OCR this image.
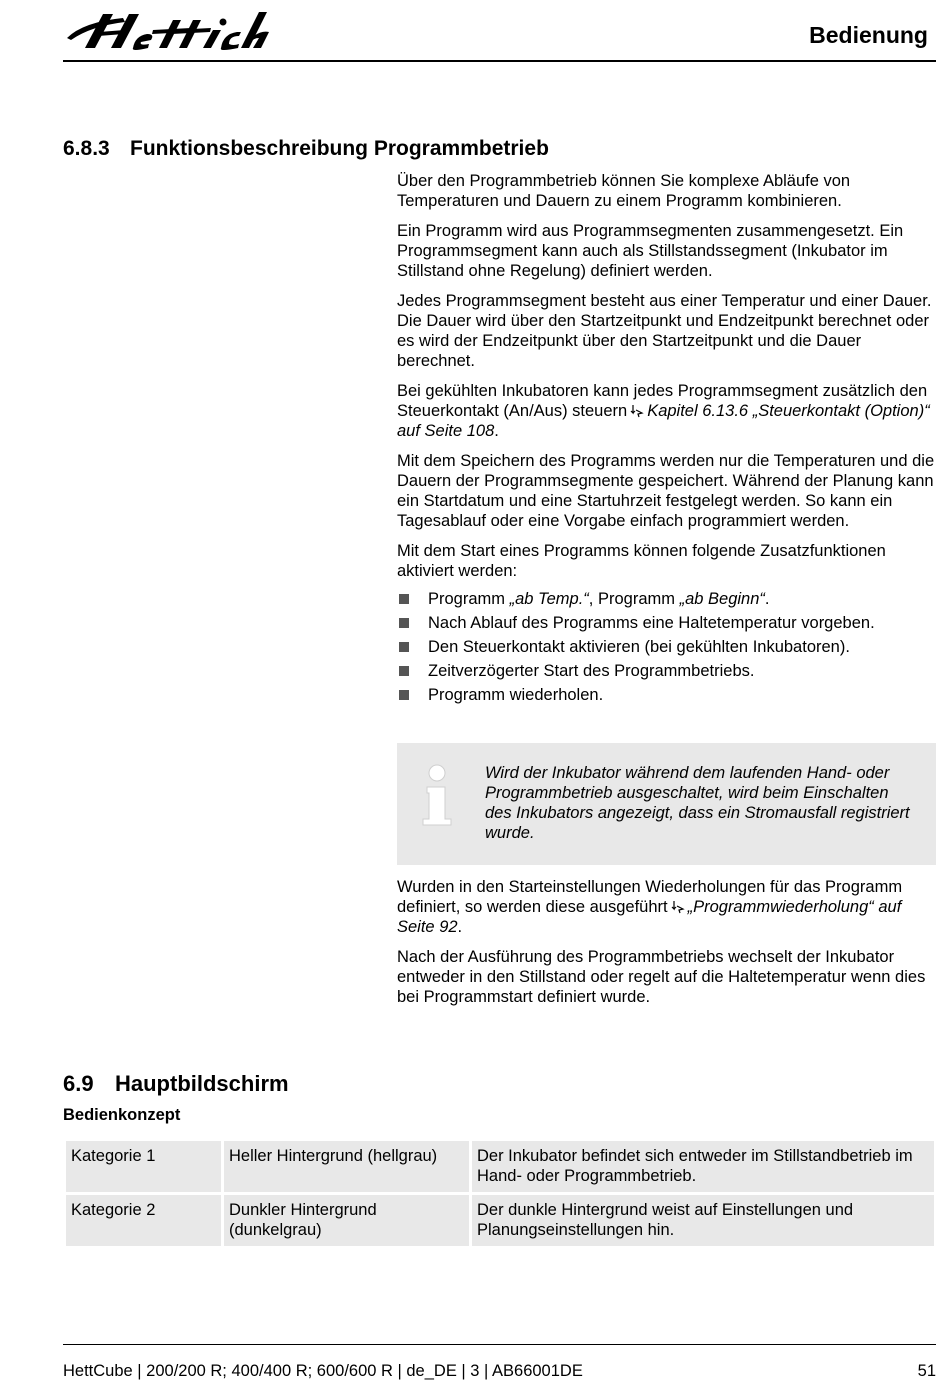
Bedienung
6.8.3 Funktionsbeschreibung Programmbetrieb

Über den Programmbetrieb können Sie komplexe Abläufe von Temperaturen und Dauern zu einem Programm kombinieren.

Ein Programm wird aus Programmsegmenten zusammengesetzt. Ein Programmsegment kann auch als Stillstandssegment (Inkubator im Stillstand ohne Regelung) definiert werden.

Jedes Programmsegment besteht aus einer Temperatur und einer Dauer. Die Dauer wird über den Startzeitpunkt und Endzeitpunkt berechnet oder es wird der Endzeitpunkt über den Startzeitpunkt und die Dauer berechnet.

Bei gekühlten Inkubatoren kann jedes Programmsegment zusätzlich den Steuerkontakt (An/Aus) steuern Kapitel 6.13.6 „Steuerkontakt (Option)“ auf Seite 108.

Mit dem Speichern des Programms werden nur die Temperaturen und die Dauern der Programmsegmente gespeichert. Während der Planung kann ein Startdatum und eine Startuhrzeit festgelegt werden. So kann ein Tagesablauf oder eine Vorgabe einfach programmiert werden.

Mit dem Start eines Programms können folgende Zusatzfunktionen aktiviert werden:

Programm „ab Temp.“, Programm „ab Beginn“.
Nach Ablauf des Programms eine Haltetemperatur vorgeben.
Den Steuerkontakt aktivieren (bei gekühlten Inkubatoren).
Zeitverzögerter Start des Programmbetriebs.
Programm wiederholen.
Wird der Inkubator während dem laufenden Hand- oder Programmbetrieb ausgeschaltet, wird beim Einschalten des Inkubators angezeigt, dass ein Stromausfall registriert wurde.

Wurden in den Starteinstellungen Wiederholungen für das Programm definiert, so werden diese ausgeführt „Programmwiederholung“ auf Seite 92.

Nach der Ausführung des Programmbetriebs wechselt der Inkubator entweder in den Stillstand oder regelt auf die Haltetemperatur wenn dies bei Programmstart definiert wurde.

6.9 Hauptbildschirm
Bedienkonzept
Kategorie 1	Heller Hintergrund (hellgrau)	Der Inkubator befindet sich entweder im Stillstandbetrieb im Hand- oder Programmbetrieb.
Kategorie 2	Dunkler Hintergrund (dunkelgrau)	Der dunkle Hintergrund weist auf Einstellungen und Planungseinstellungen hin.
HettCube | 200/200 R; 400/400 R; 600/600 R | de_DE | 3 | AB66001DE	51
